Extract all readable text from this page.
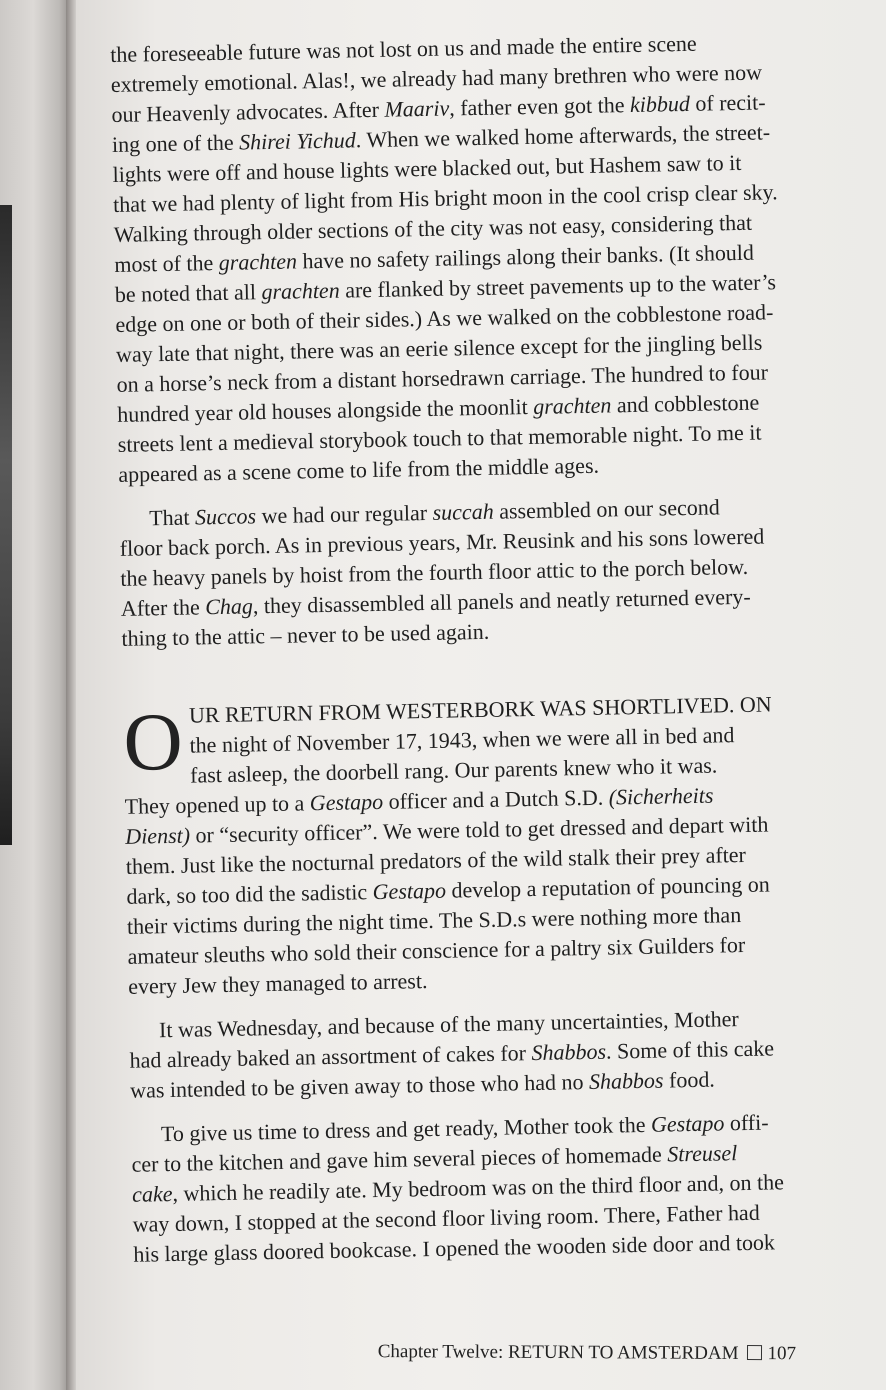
the foreseeable future was not lost on us and made the entire scene
extremely emotional. Alas!, we already had many brethren who were now
our Heavenly advocates. After Maariv, father even got the kibbud of recit-
ing one of the Shirei Yichud. When we walked home afterwards, the street-
lights were off and house lights were blacked out, but Hashem saw to it
that we had plenty of light from His bright moon in the cool crisp clear sky.
Walking through older sections of the city was not easy, considering that
most of the grachten have no safety railings along their banks. (It should
be noted that all grachten are flanked by street pavements up to the water’s
edge on one or both of their sides.) As we walked on the cobblestone road-
way late that night, there was an eerie silence except for the jingling bells
on a horse’s neck from a distant horsedrawn carriage. The hundred to four
hundred year old houses alongside the moonlit grachten and cobblestone
streets lent a medieval storybook touch to that memorable night. To me it
appeared as a scene come to life from the middle ages.
That Succos we had our regular succah assembled on our second
floor back porch. As in previous years, Mr. Reusink and his sons lowered
the heavy panels by hoist from the fourth floor attic to the porch below.
After the Chag, they disassembled all panels and neatly returned every-
thing to the attic – never to be used again.
O UR RETURN FROM WESTERBORK WAS SHORTLIVED. ON
the night of November 17, 1943, when we were all in bed and
fast asleep, the doorbell rang. Our parents knew who it was.
They opened up to a Gestapo officer and a Dutch S.D. (Sicherheits
Dienst) or “security officer”. We were told to get dressed and depart with
them. Just like the nocturnal predators of the wild stalk their prey after
dark, so too did the sadistic Gestapo develop a reputation of pouncing on
their victims during the night time. The S.D.s were nothing more than
amateur sleuths who sold their conscience for a paltry six Guilders for
every Jew they managed to arrest.
It was Wednesday, and because of the many uncertainties, Mother
had already baked an assortment of cakes for Shabbos. Some of this cake
was intended to be given away to those who had no Shabbos food.
To give us time to dress and get ready, Mother took the Gestapo offi-
cer to the kitchen and gave him several pieces of homemade Streusel
cake, which he readily ate. My bedroom was on the third floor and, on the
way down, I stopped at the second floor living room. There, Father had
his large glass doored bookcase. I opened the wooden side door and took
Chapter Twelve: RETURN TO AMSTERDAM 107
